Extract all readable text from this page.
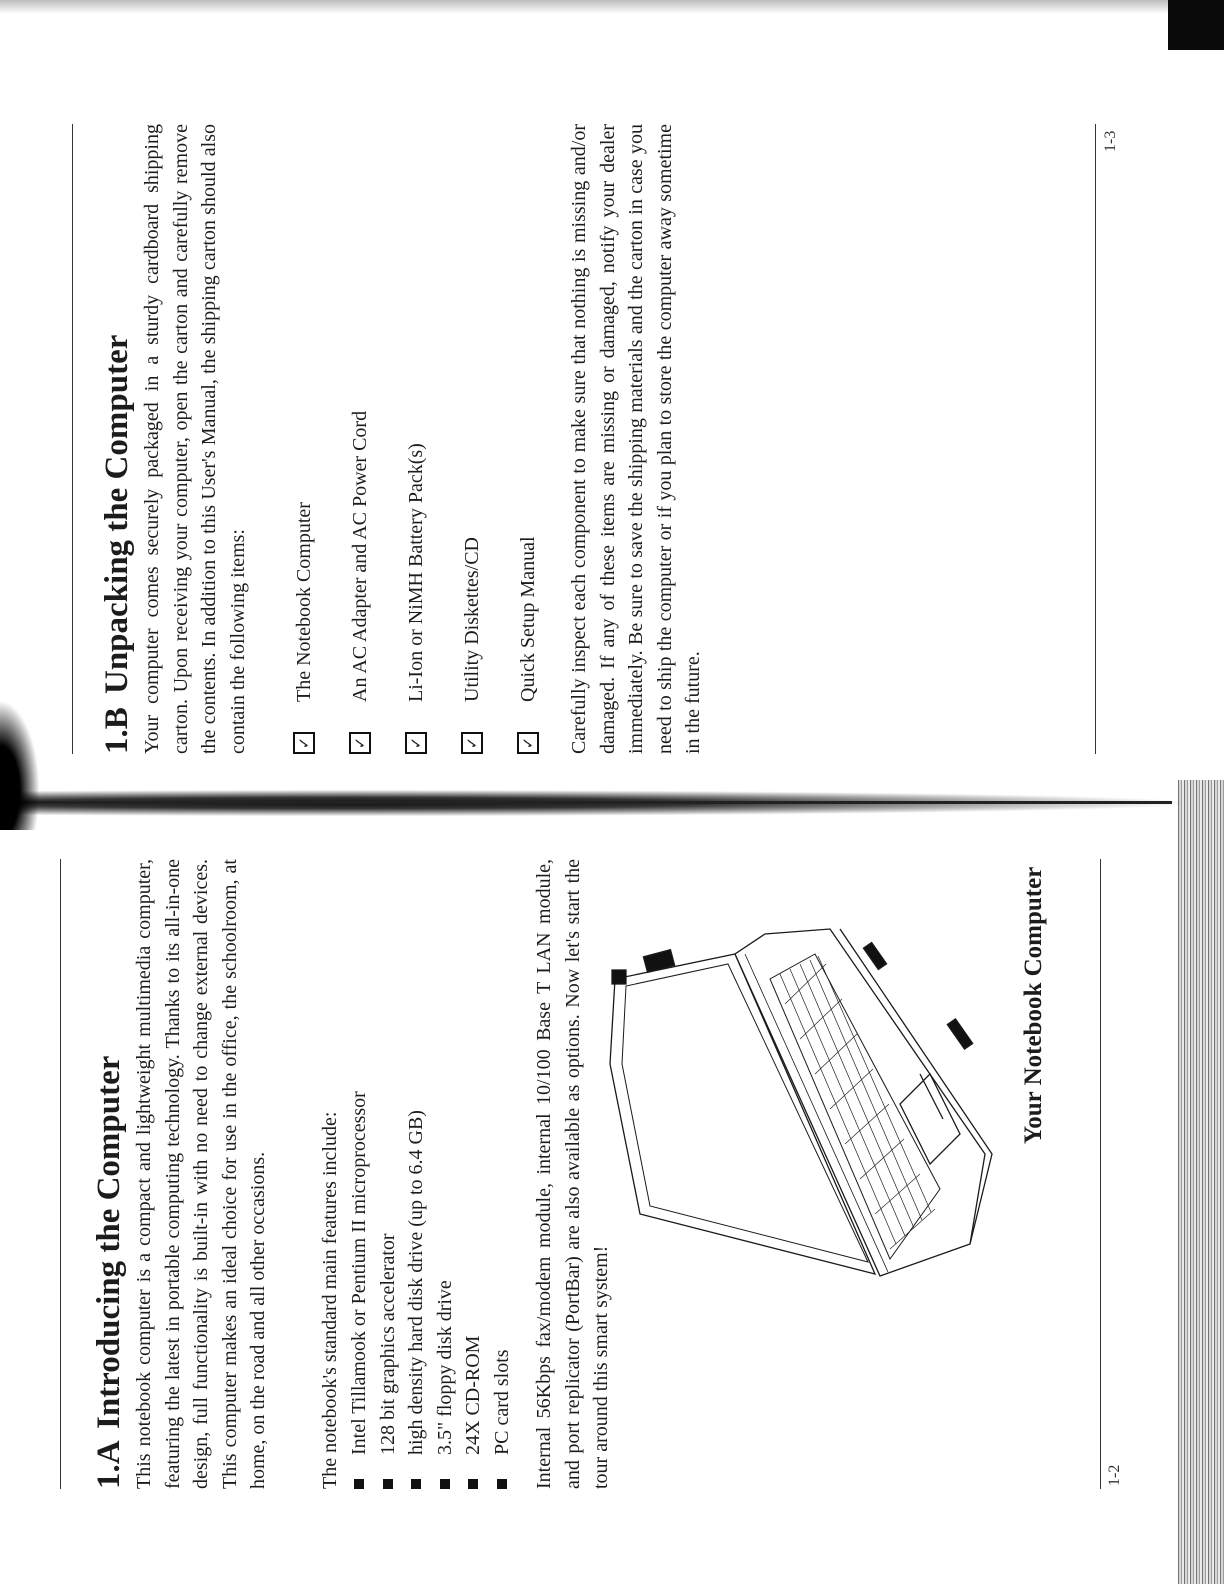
1.AIntroducing the Computer This notebook computer is a compact and lightweight multimedia computer, featuring the latest in portable computing technology. Thanks to its all-in-one design, full functionality is built-in with no need to change external devices. This computer makes an ideal choice for use in the office, the schoolroom, at home, on the road and all other occasions. The notebook's standard main features include: Intel Tillamook or Pentium II microprocessor 128 bit graphics accelerator high density hard disk drive (up to 6.4 GB) 3.5" floppy disk drive 24X CD-ROM PC card slots Internal 56Kbps fax/modem module, internal 10/100 Base T LAN module, and port replicator (PortBar) are also available as options. Now let's start the tour around this smart system!
Your Notebook Computer
1-2
1.BUnpacking the Computer Your computer comes securely packaged in a sturdy cardboard shipping carton. Upon receiving your computer, open the carton and carefully remove the contents. In addition to this User's Manual, the shipping carton should also contain the following items:	✓
The Notebook Computer
✓
An AC Adapter and AC Power Cord
✓
Li-Ion or NiMH Battery Pack(s)
✓
Utility Diskettes/CD
✓
Quick Setup Manual	Carefully inspect each component to make sure that nothing is missing and/or damaged. If any of these items are missing or damaged, notify your dealer immediately. Be sure to save the shipping materials and the carton in case you need to ship the computer or if you plan to store the computer away sometime in the future.
1-3
